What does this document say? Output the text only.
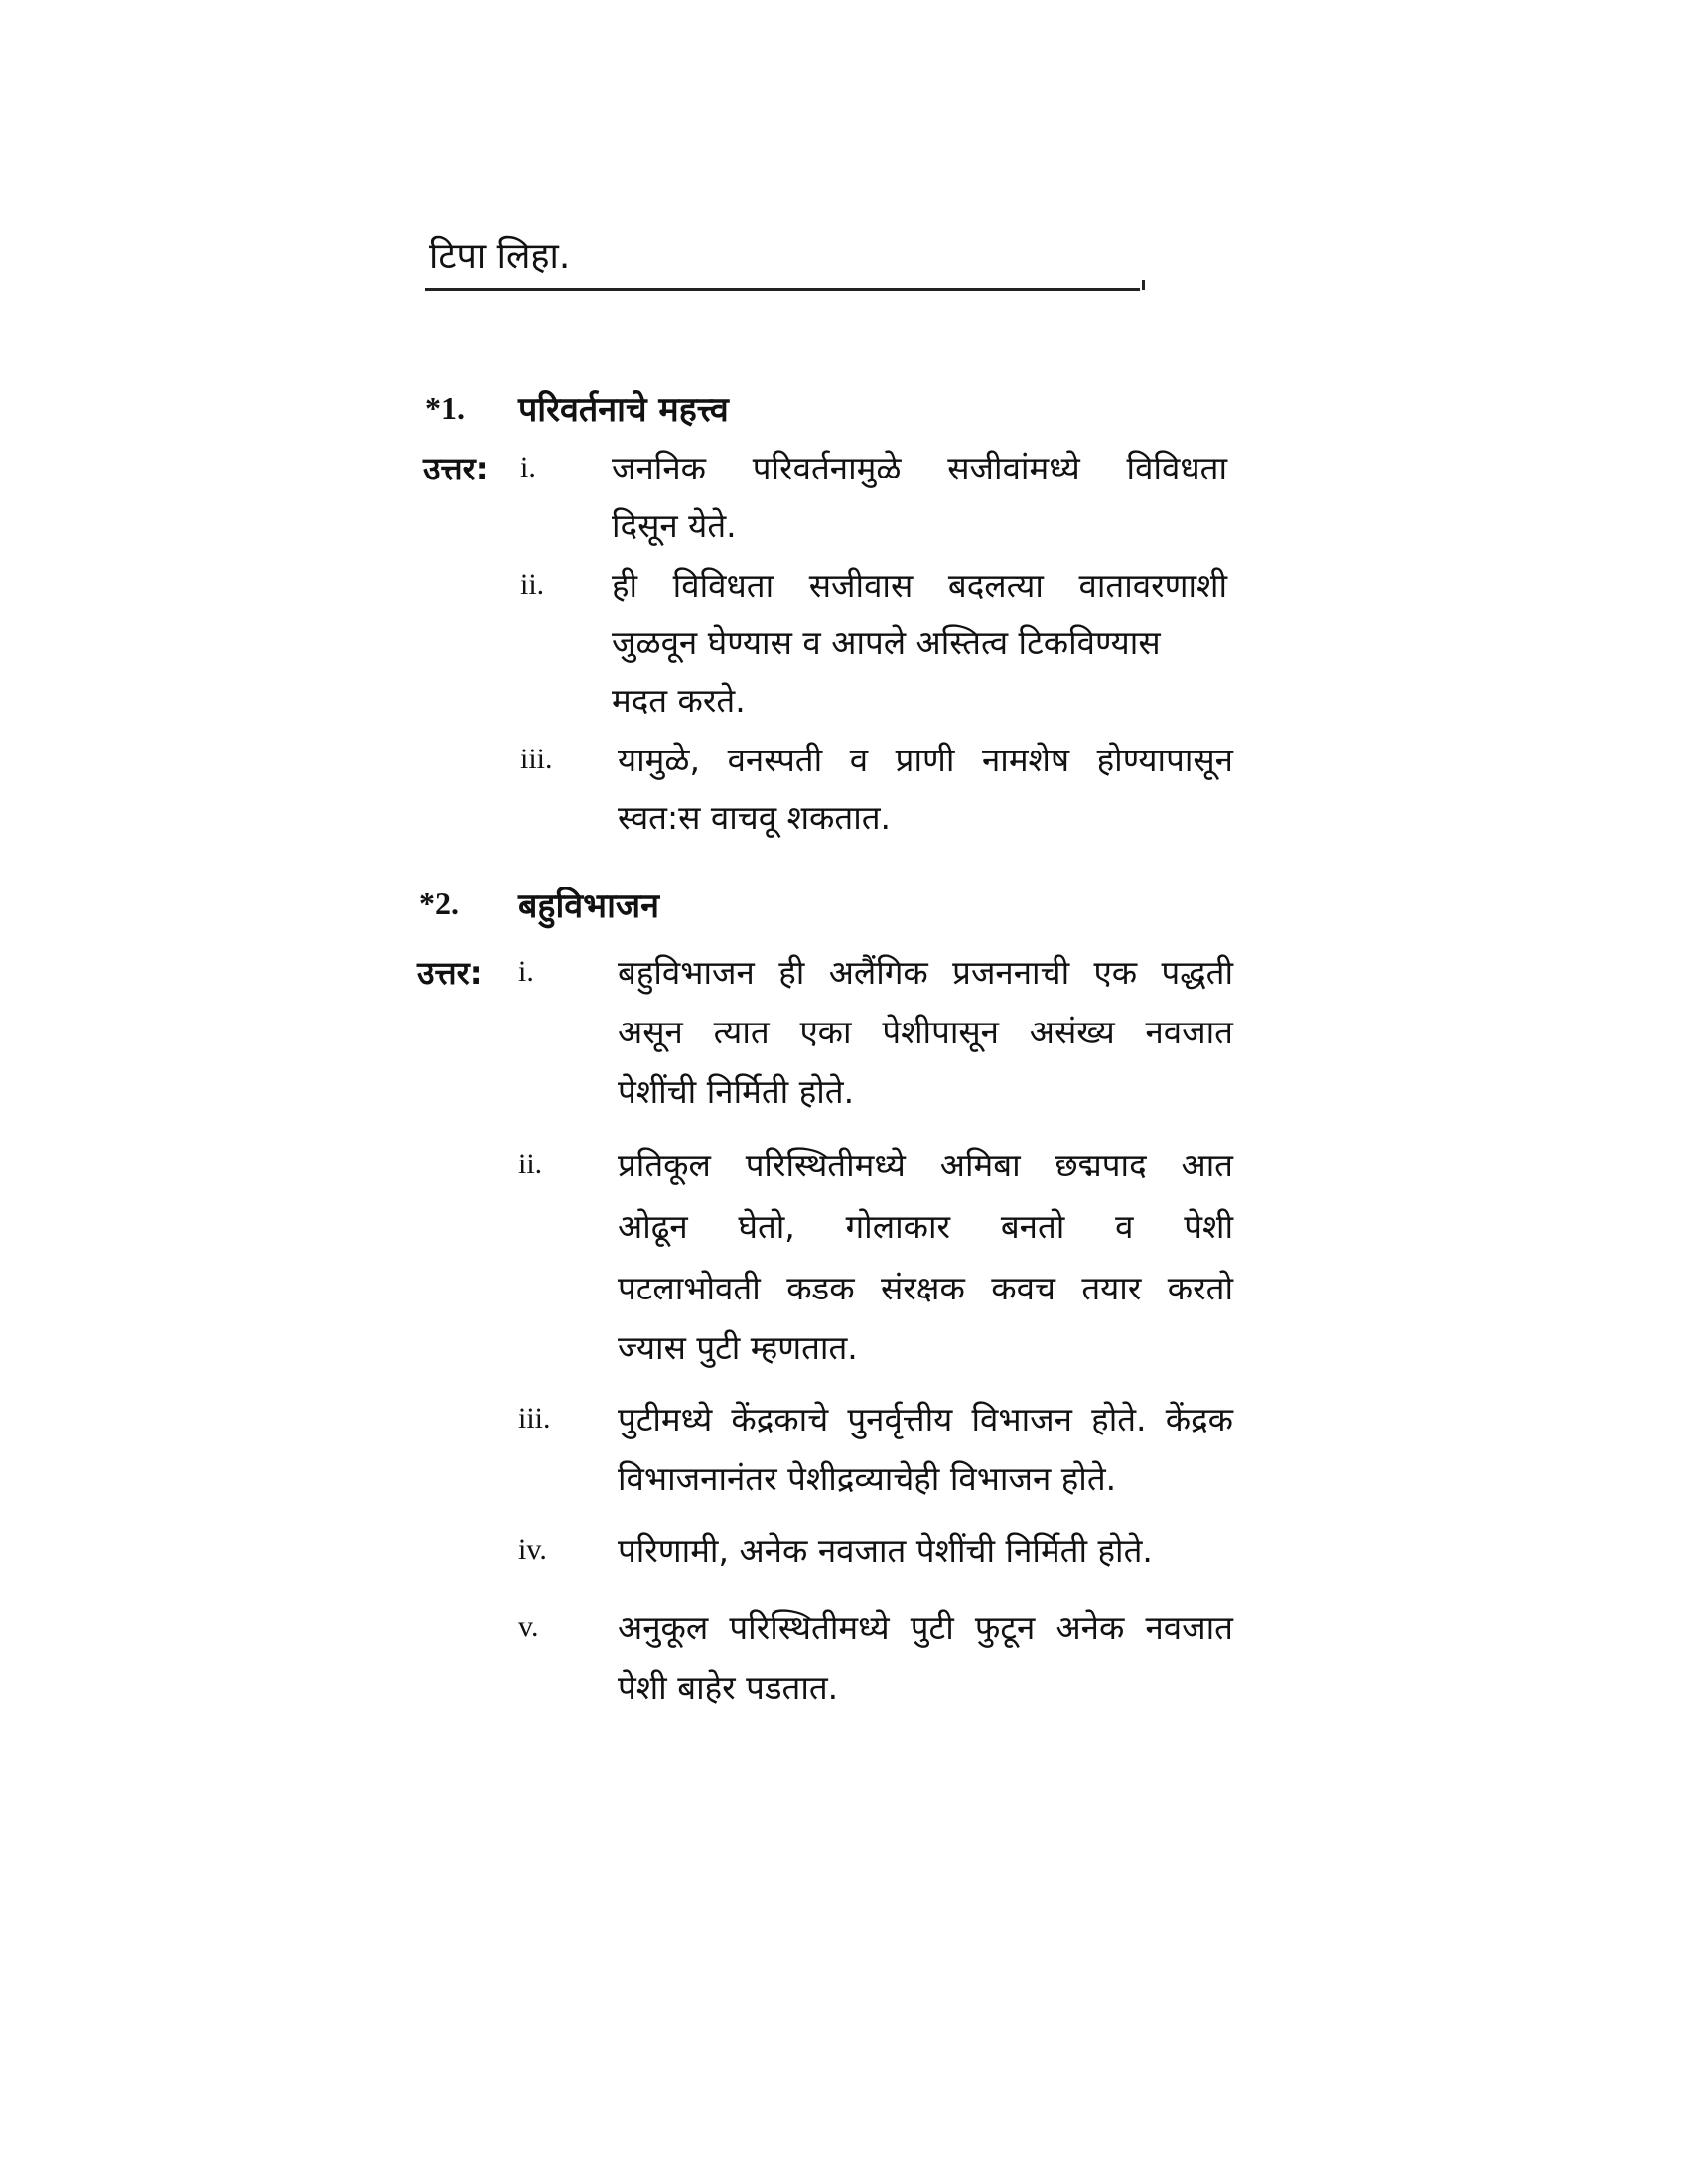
टिपा लिहा.
*1. परिवर्तनाचे महत्त्व
उत्तर: i. जननिक परिवर्तनामुळे सजीवांमध्ये विविधता
दिसून येते.
ii. ही विविधता सजीवास बदलत्या वातावरणाशी
जुळवून घेण्यास व आपले अस्तित्व टिकविण्यास
मदत करते.
iii. यामुळे, वनस्पती व प्राणी नामशेष होण्यापासून
स्वत:स वाचवू शकतात.
*2. बहुविभाजन
उत्तर: i.	बहुविभाजन ही अलैंगिक प्रजननाची एक पद्धती
असून त्यात एका पेशीपासून असंख्य नवजात
पेशींची निर्मिती होते.
ii. प्रतिकूल परिस्थितीमध्ये अमिबा छद्मपाद आत
ओढून घेतो, गोलाकार बनतो व पेशी
पटलाभोवती कडक संरक्षक कवच तयार करतो
ज्यास पुटी म्हणतात.
iii. पुटीमध्ये केंद्रकाचे पुनर्वृत्तीय विभाजन होते. केंद्रक
विभाजनानंतर पेशीद्रव्याचेही विभाजन होते.
iv. परिणामी, अनेक नवजात पेशींची निर्मिती होते.
v. अनुकूल परिस्थितीमध्ये पुटी फुटून अनेक नवजात
पेशी बाहेर पडतात.
